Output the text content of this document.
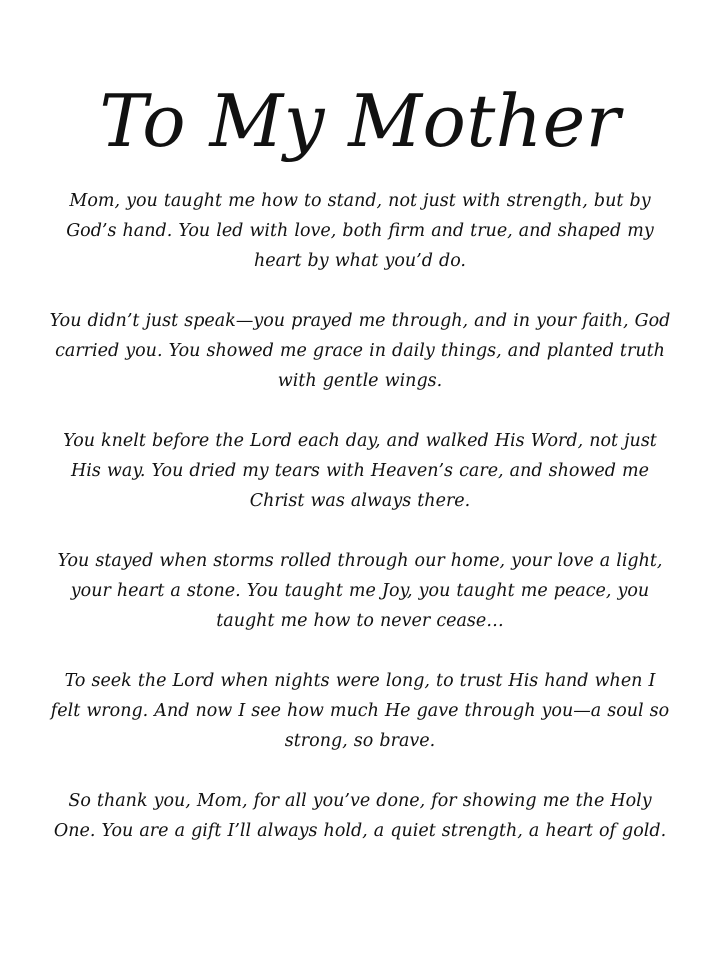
To My Mother

Mom, you taught me how to stand, not just with strength, but by God’s hand. You led with love, both firm and true, and shaped my heart by what you’d do.

You didn’t just speak—you prayed me through, and in your faith, God carried you. You showed me grace in daily things, and planted truth with gentle wings.

You knelt before the Lord each day, and walked His Word, not just His way. You dried my tears with Heaven’s care, and showed me Christ was always there.

You stayed when storms rolled through our home, your love a light, your heart a stone. You taught me Joy, you taught me peace, you taught me how to never cease…

To seek the Lord when nights were long, to trust His hand when I felt wrong. And now I see how much He gave through you—a soul so strong, so brave.

So thank you, Mom, for all you’ve done, for showing me the Holy One. You are a gift I’ll always hold, a quiet strength, a heart of gold.
